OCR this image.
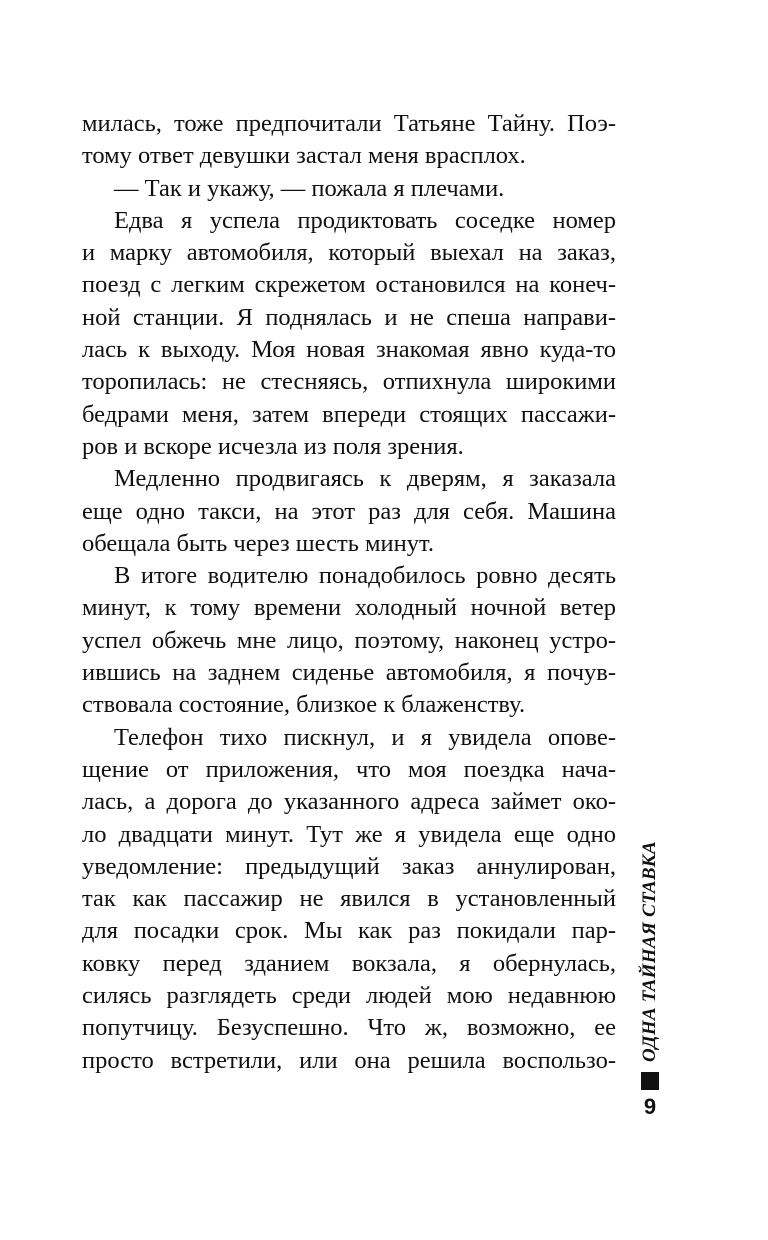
милась, тоже предпочитали Татьяне Тайну. Поэ-
тому ответ девушки застал меня врасплох.
— Так и укажу, — пожала я плечами.
Едва я успела продиктовать соседке номер
и марку автомобиля, который выехал на заказ,
поезд с легким скрежетом остановился на конеч-
ной станции. Я поднялась и не спеша направи-
лась к выходу. Моя новая знакомая явно куда-то
торопилась: не стесняясь, отпихнула широкими
бедрами меня, затем впереди стоящих пассажи-
ров и вскоре исчезла из поля зрения.
Медленно продвигаясь к дверям, я заказала
еще одно такси, на этот раз для себя. Машина
обещала быть через шесть минут.
В итоге водителю понадобилось ровно десять
минут, к тому времени холодный ночной ветер
успел обжечь мне лицо, поэтому, наконец устро-
ившись на заднем сиденье автомобиля, я почув-
ствовала состояние, близкое к блаженству.
Телефон тихо пискнул, и я увидела опове-
щение от приложения, что моя поездка нача-
лась, а дорога до указанного адреса займет око-
ло двадцати минут. Тут же я увидела еще одно
уведомление: предыдущий заказ аннулирован,
так как пассажир не явился в установленный
для посадки срок. Мы как раз покидали пар-
ковку перед зданием вокзала, я обернулась,
силясь разглядеть среди людей мою недавнюю
попутчицу. Безуспешно. Что ж, возможно, ее
просто встретили, или она решила воспользо- ОДНА ТАЙНАЯ СТАВКА
9
